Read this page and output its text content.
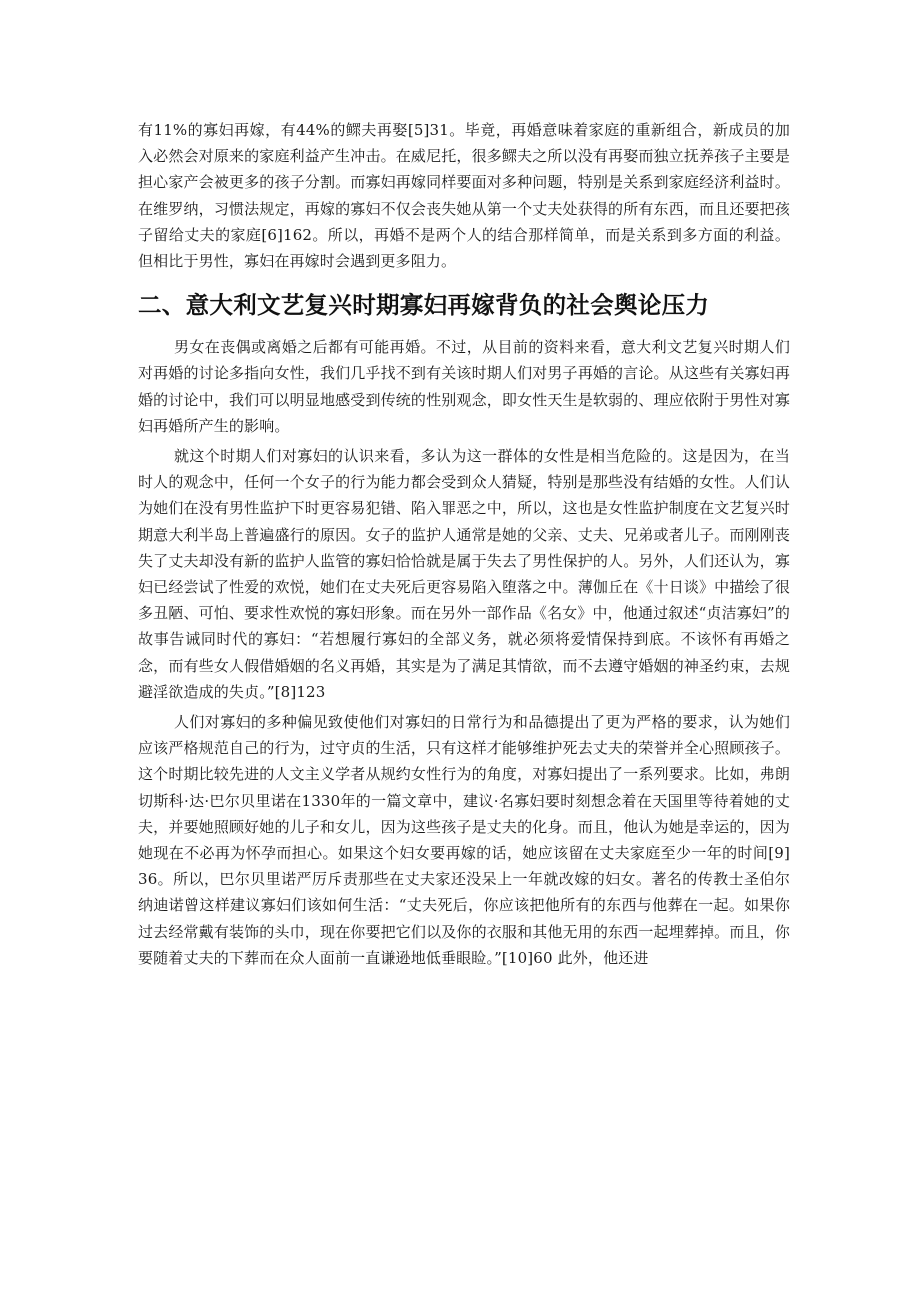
有11%的寡妇再嫁，有44%的鳏夫再娶[5]31。毕竟，再婚意味着家庭的重新组合，新成员的加入必然会对原来的家庭利益产生冲击。在威尼托，很多鳏夫之所以没有再娶而独立抚养孩子主要是担心家产会被更多的孩子分割。而寡妇再嫁同样要面对多种问题，特别是关系到家庭经济利益时。在维罗纳，习惯法规定，再嫁的寡妇不仅会丧失她从第一个丈夫处获得的所有东西，而且还要把孩子留给丈夫的家庭[6]162。所以，再婚不是两个人的结合那样简单，而是关系到多方面的利益。但相比于男性，寡妇在再嫁时会遇到更多阻力。

二、意大利文艺复兴时期寡妇再嫁背负的社会舆论压力

男女在丧偶或离婚之后都有可能再婚。不过，从目前的资料来看，意大利文艺复兴时期人们对再婚的讨论多指向女性，我们几乎找不到有关该时期人们对男子再婚的言论。从这些有关寡妇再婚的讨论中，我们可以明显地感受到传统的性别观念，即女性天生是软弱的、理应依附于男性对寡妇再婚所产生的影响。

就这个时期人们对寡妇的认识来看，多认为这一群体的女性是相当危险的。这是因为，在当时人的观念中，任何一个女子的行为能力都会受到众人猜疑，特别是那些没有结婚的女性。人们认为她们在没有男性监护下时更容易犯错、陷入罪恶之中，所以，这也是女性监护制度在文艺复兴时期意大利半岛上普遍盛行的原因。女子的监护人通常是她的父亲、丈夫、兄弟或者儿子。而刚刚丧失了丈夫却没有新的监护人监管的寡妇恰恰就是属于失去了男性保护的人。另外，人们还认为，寡妇已经尝试了性爱的欢悦，她们在丈夫死后更容易陷入堕落之中。薄伽丘在《十日谈》中描绘了很多丑陋、可怕、要求性欢悦的寡妇形象。而在另外一部作品《名女》中，他通过叙述“贞洁寡妇”的故事告诫同时代的寡妇：“若想履行寡妇的全部义务，就必须将爱情保持到底。不该怀有再婚之念，而有些女人假借婚姻的名义再婚，其实是为了满足其情欲，而不去遵守婚姻的神圣约束，去规避淫欲造成的失贞。”[8]123

人们对寡妇的多种偏见致使他们对寡妇的日常行为和品德提出了更为严格的要求，认为她们应该严格规范自己的行为，过守贞的生活，只有这样才能够维护死去丈夫的荣誉并全心照顾孩子。这个时期比较先进的人文主义学者从规约女性行为的角度，对寡妇提出了一系列要求。比如，弗朗切斯科·达·巴尔贝里诺在1330年的一篇文章中，建议·名寡妇要时刻想念着在天国里等待着她的丈夫，并要她照顾好她的儿子和女儿，因为这些孩子是丈夫的化身。而且，他认为她是幸运的，因为她现在不必再为怀孕而担心。如果这个妇女要再嫁的话，她应该留在丈夫家庭至少一年的时间[9]36。所以，巴尔贝里诺严厉斥责那些在丈夫家还没呆上一年就改嫁的妇女。著名的传教士圣伯尔纳迪诺曾这样建议寡妇们该如何生活：“丈夫死后，你应该把他所有的东西与他葬在一起。如果你过去经常戴有装饰的头巾，现在你要把它们以及你的衣服和其他无用的东西一起埋葬掉。而且，你要随着丈夫的下葬而在众人面前一直谦逊地低垂眼睑。”[10]60 此外，他还进
